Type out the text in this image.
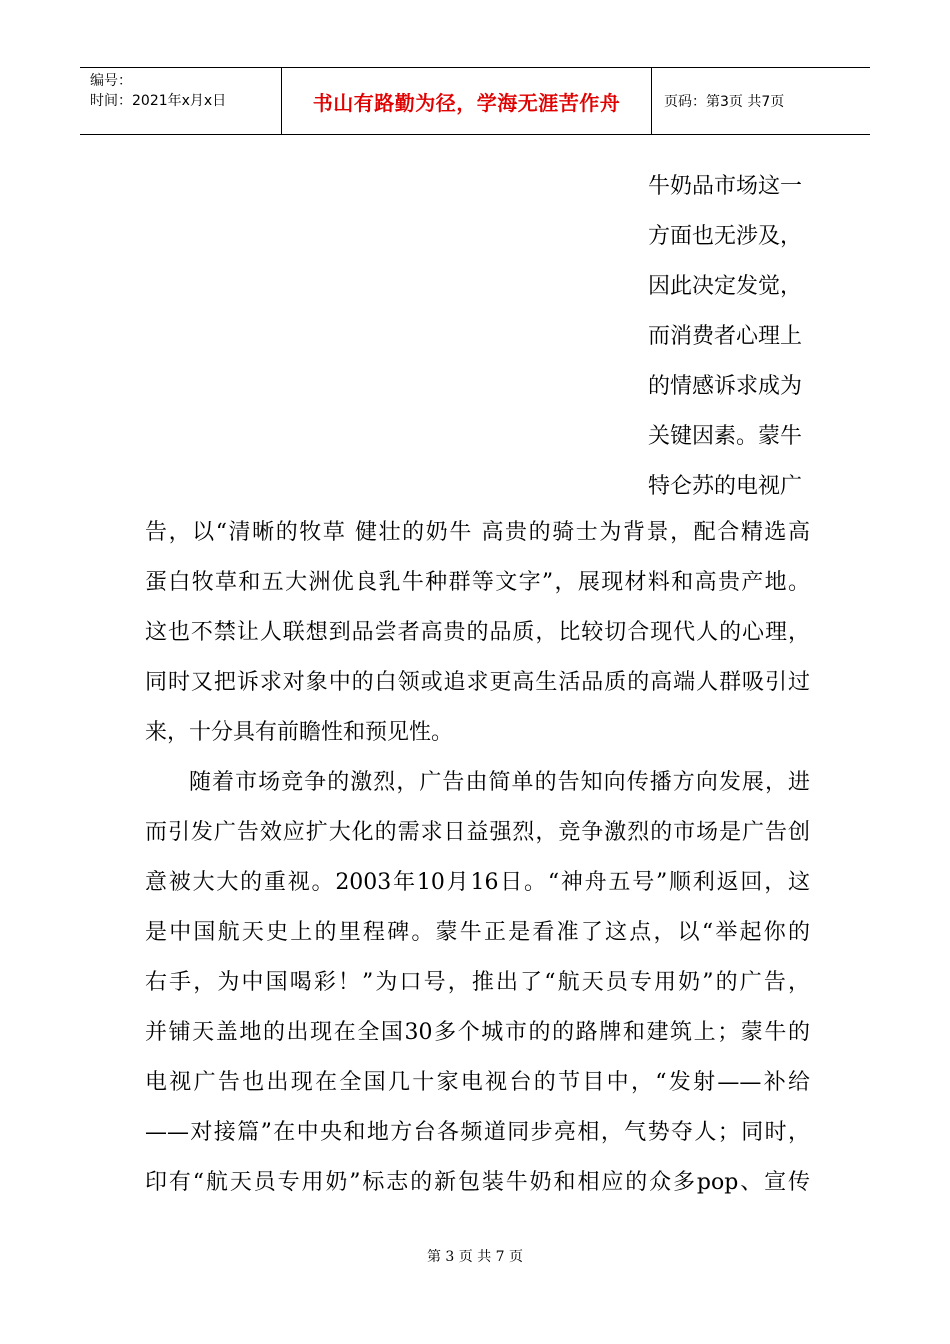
编号：
时间：2021年x月x日	书山有路勤为径，学海无涯苦作舟	页码：第3页 共7页
牛奶品市场这一
方面也无涉及，
因此决定发觉，
而消费者心理上
的情感诉求成为
关键因素。蒙牛
特仑苏的电视广
告，以“清晰的牧草 健壮的奶牛 高贵的骑士为背景，配合精选高
蛋白牧草和五大洲优良乳牛种群等文字”，展现材料和高贵产地。
这也不禁让人联想到品尝者高贵的品质，比较切合现代人的心理，
同时又把诉求对象中的白领或追求更高生活品质的高端人群吸引过
来，十分具有前瞻性和预见性。
随着市场竞争的激烈，广告由简单的告知向传播方向发展，进
而引发广告效应扩大化的需求日益强烈，竞争激烈的市场是广告创
意被大大的重视。2003年10月16日。“神舟五号”顺利返回，这
是中国航天史上的里程碑。蒙牛正是看准了这点，以“举起你的
右手，为中国喝彩！”为口号，推出了“航天员专用奶”的广告，
并铺天盖地的出现在全国30多个城市的的路牌和建筑上；蒙牛的
电视广告也出现在全国几十家电视台的节目中，“发射——补给
——对接篇”在中央和地方台各频道同步亮相，气势夺人；同时，
印有“航天员专用奶”标志的新包装牛奶和相应的众多pop、宣传
第 3 页 共 7 页
